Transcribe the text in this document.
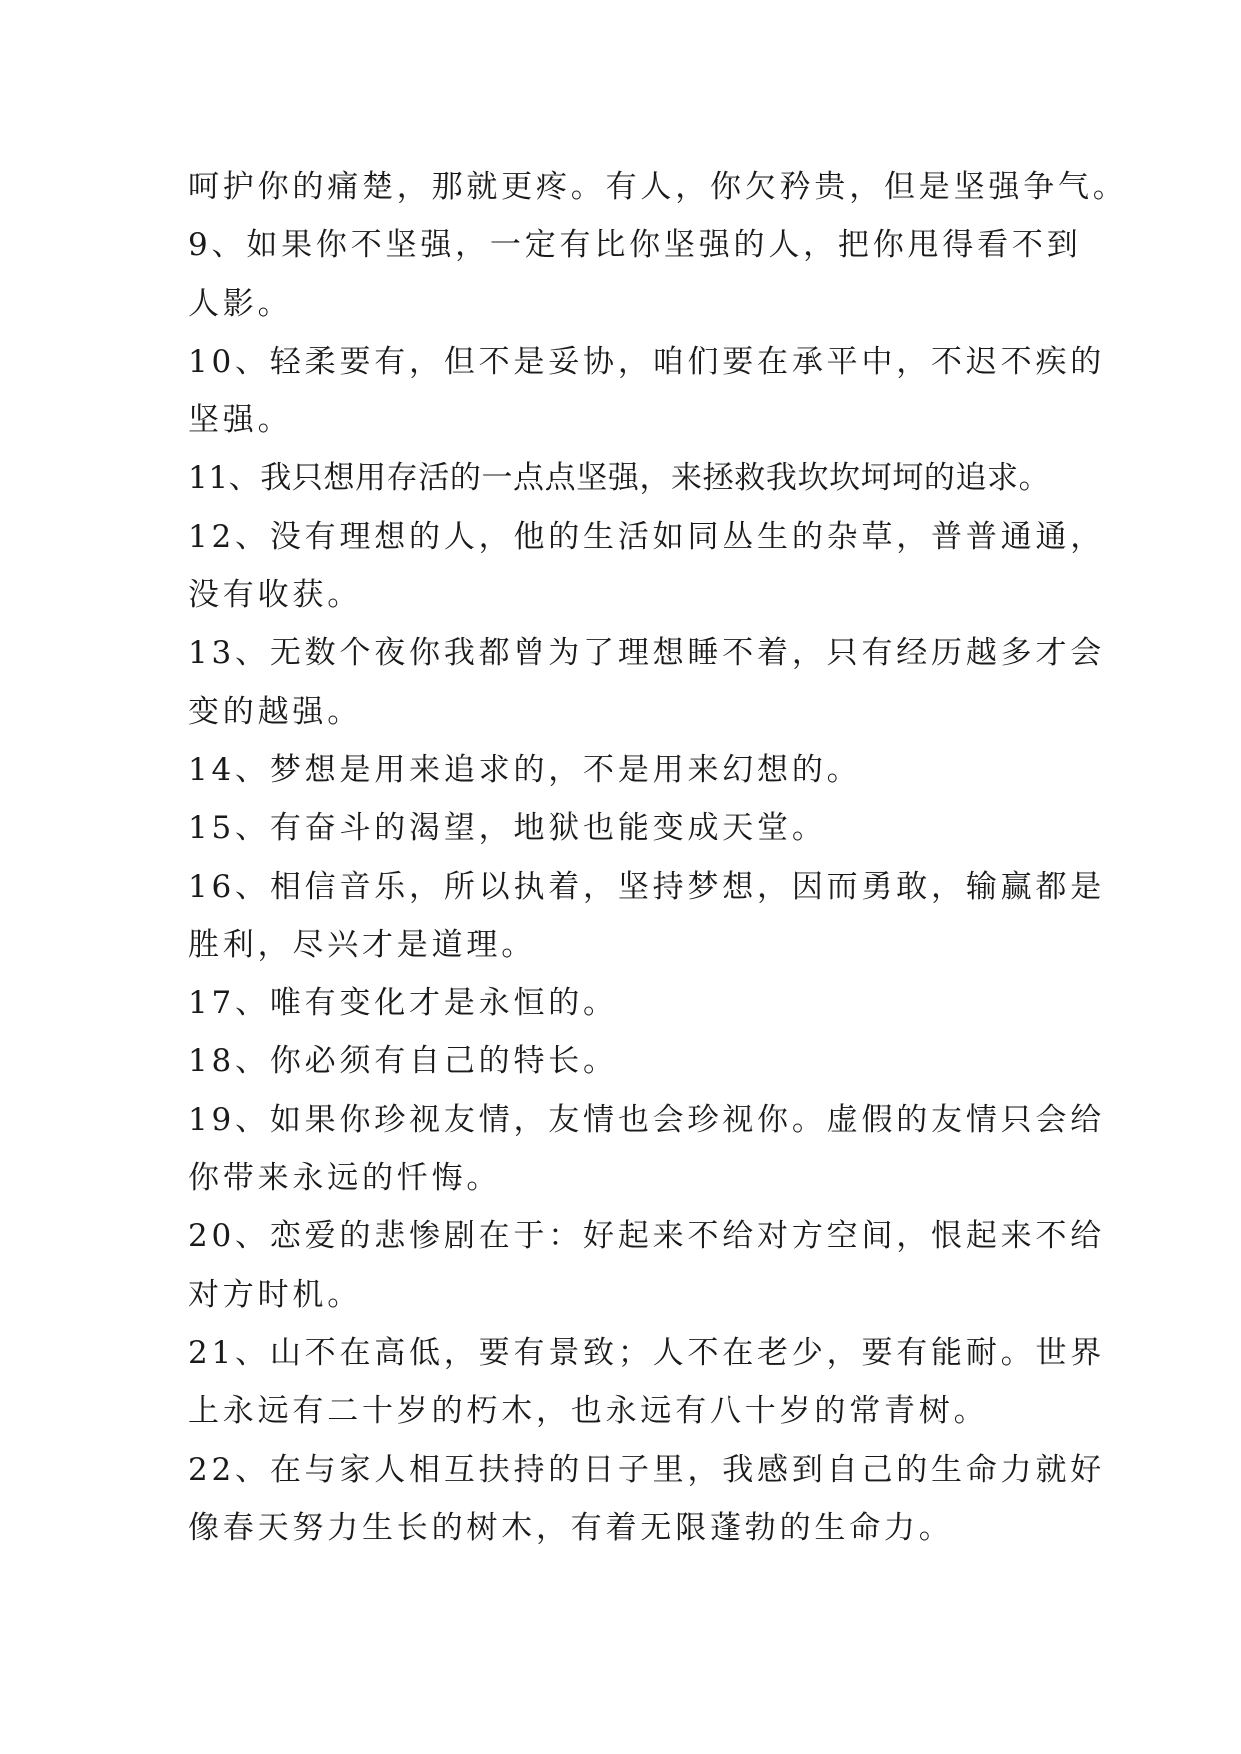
呵护你的痛楚，那就更疼。有人，你欠矜贵，但是坚强争气。
9、如果你不坚强，一定有比你坚强的人，把你甩得看不到
人影。
10、轻柔要有，但不是妥协，咱们要在承平中，不迟不疾的
坚强。
11、我只想用存活的一点点坚强，来拯救我坎坎坷坷的追求。
12、没有理想的人，他的生活如同丛生的杂草，普普通通，
没有收获。
13、无数个夜你我都曾为了理想睡不着，只有经历越多才会
变的越强。
14、梦想是用来追求的，不是用来幻想的。
15、有奋斗的渴望，地狱也能变成天堂。
16、相信音乐，所以执着，坚持梦想，因而勇敢，输赢都是
胜利，尽兴才是道理。
17、唯有变化才是永恒的。
18、你必须有自己的特长。
19、如果你珍视友情，友情也会珍视你。虚假的友情只会给
你带来永远的忏悔。
20、恋爱的悲惨剧在于：好起来不给对方空间，恨起来不给
对方时机。
21、山不在高低，要有景致；人不在老少，要有能耐。世界
上永远有二十岁的朽木，也永远有八十岁的常青树。
22、在与家人相互扶持的日子里，我感到自己的生命力就好
像春天努力生长的树木，有着无限蓬勃的生命力。
